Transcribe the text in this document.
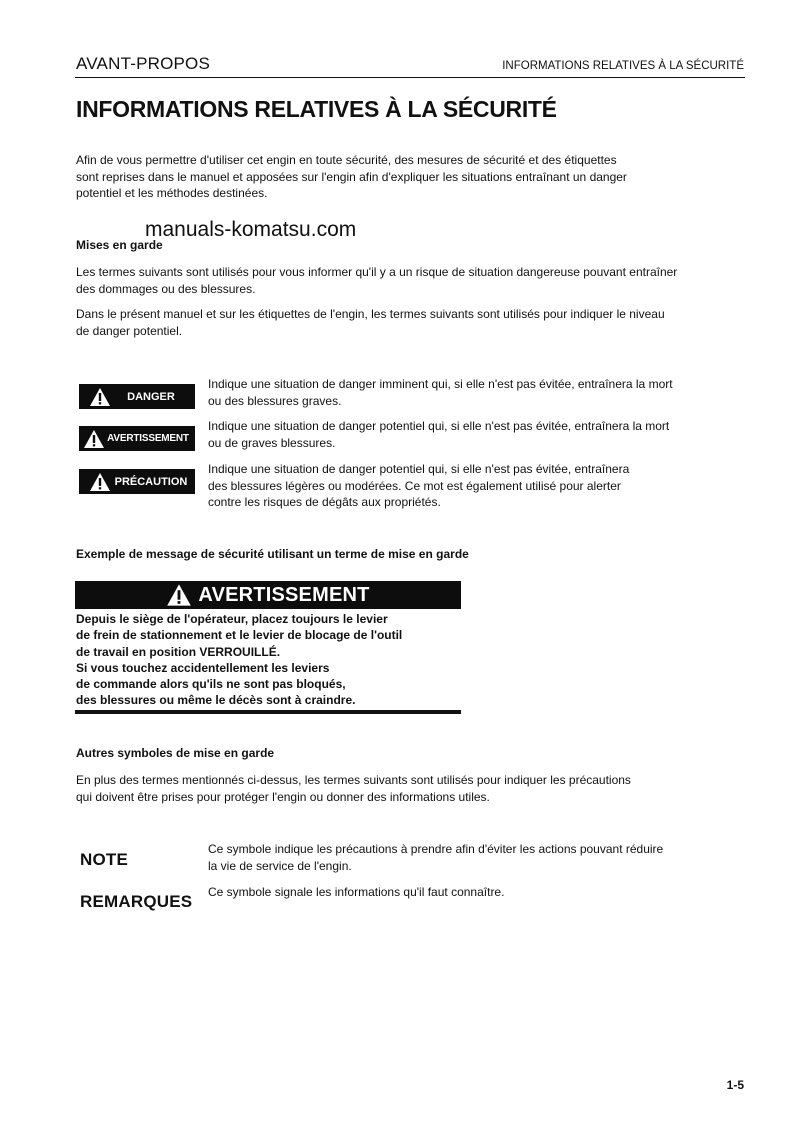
AVANT-PROPOS	INFORMATIONS RELATIVES À LA SÉCURITÉ
INFORMATIONS RELATIVES À LA SÉCURITÉ

Afin de vous permettre d'utiliser cet engin en toute sécurité, des mesures de sécurité et des étiquettes

sont reprises dans le manuel et apposées sur l'engin afin d'expliquer les situations entraînant un danger

potentiel et les méthodes destinées.

manuals-komatsu.com
Mises en garde

Les termes suivants sont utilisés pour vous informer qu'il y a un risque de situation dangereuse pouvant entraîner

des dommages ou des blessures.

Dans le présent manuel et sur les étiquettes de l'engin, les termes suivants sont utilisés pour indiquer le niveau

de danger potentiel.

DANGER

Indique une situation de danger imminent qui, si elle n'est pas évitée, entraînera la mort

ou des blessures graves.

AVERTISSEMENT

Indique une situation de danger potentiel qui, si elle n'est pas évitée, entraînera la mort

ou de graves blessures.

PRÉCAUTION

Indique une situation de danger potentiel qui, si elle n'est pas évitée, entraînera

des blessures légères ou modérées. Ce mot est également utilisé pour alerter

contre les risques de dégâts aux propriétés.

Exemple de message de sécurité utilisant un terme de mise en garde
AVERTISSEMENT

Depuis le siège de l'opérateur, placez toujours le levier

de frein de stationnement et le levier de blocage de l'outil

de travail en position VERROUILLÉ.

Si vous touchez accidentellement les leviers

de commande alors qu'ils ne sont pas bloqués,

des blessures ou même le décès sont à craindre.

Autres symboles de mise en garde

En plus des termes mentionnés ci-dessus, les termes suivants sont utilisés pour indiquer les précautions

qui doivent être prises pour protéger l'engin ou donner des informations utiles.

NOTE

Ce symbole indique les précautions à prendre afin d'éviter les actions pouvant réduire

la vie de service de l'engin.

REMARQUES Ce symbole signale les informations qu'il faut connaître.

1-5
